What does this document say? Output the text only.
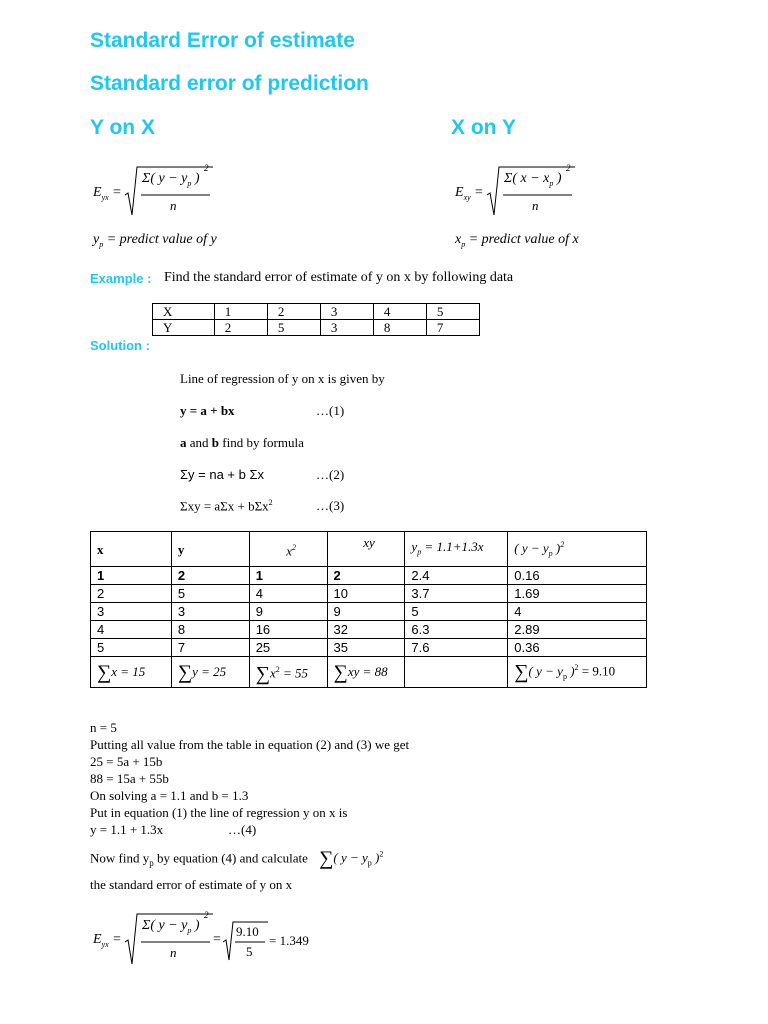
Standard Error of estimate
Standard error of prediction
Y on X	X on Y
$E_{yx}$ =
Σ( $y - y_p$ )
2
n
$E_{xy}$ =
Σ( $x - x_p$ )
2
n
$y_p$ = predict value of y	$x_p$ = predict value of x
Example : Find the standard error of estimate of y on x by following data
X	1	2	3	4	5
Y	2	5	3	8	7
Solution :
Line of regression of y on x is given by
y = a + bx	…(1)
a and b find by formula
Σy = na + b Σx	…(2)
Σxy = aΣx + bΣx$^2$	…(3)
x	y	$x^2$	xy	$y_p = 1.1+1.3x$	( $y - y_p$ )$^2$
1	2	1	2	2.4	0.16
2	5	4	10	3.7	1.69
3	3	9	9	5	4
4	8	16	32	6.3	2.89
5	7	25	35	7.6	0.36
∑x = 15	∑y = 25	$\sum x^2 = 55$	∑xy = 88		∑( $y - y_p$ )$^2$ = 9.10
n = 5
Putting all value from the table in equation (2) and (3) we get
25 = 5a + 15b
88 = 15a + 55b
On solving a = 1.1 and b = 1.3
Put in equation (1) the line of regression y on x is
y = 1.1 + 1.3x	…(4)
Now find $y_p$ by equation (4) and calculate ∑( $y - y_p$ )$^2$
the standard error of estimate of y on x
$E_{yx}$ =
Σ( $y - y_p$ )
2
n
=
9.10
5
= 1.349
